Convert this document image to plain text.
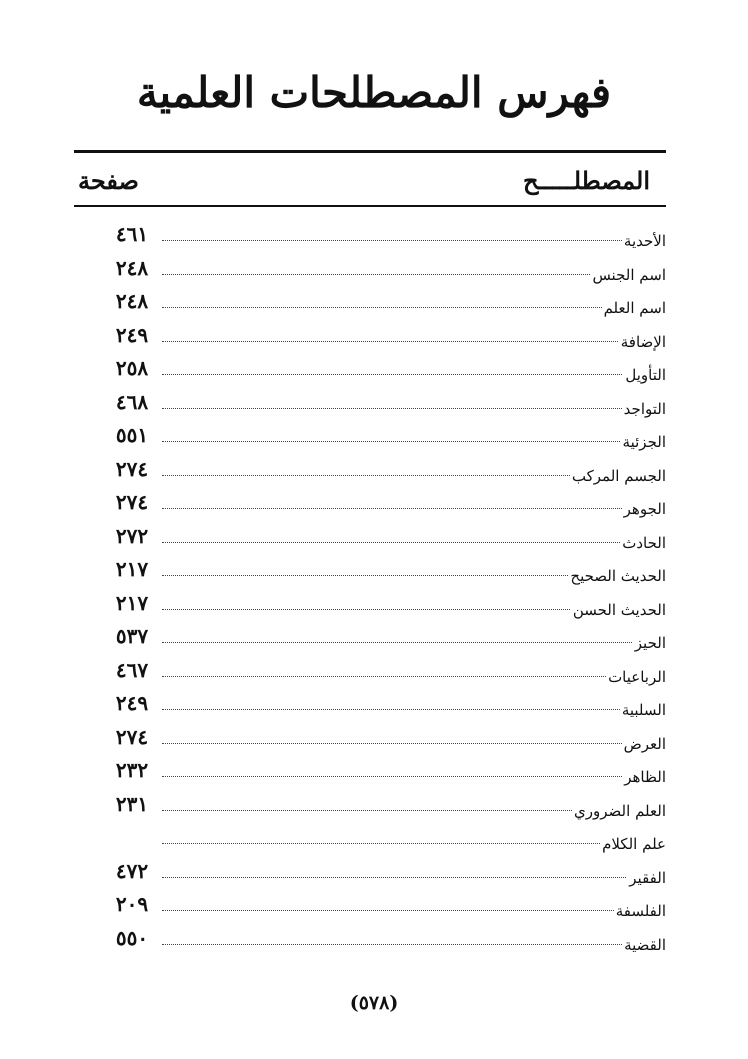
فهرس المصطلحات العلمية
المصطلـــــح
صفحة
الأحدية
٤٦١
اسم الجنس
٢٤٨
اسم العلم
٢٤٨
الإضافة
٢٤٩
التأويل
٢٥٨
التواجد
٤٦٨
الجزئية
٥٥١
الجسم المركب
٢٧٤
الجوهر
٢٧٤
الحادث
٢٧٢
الحديث الصحيح
٢١٧
الحديث الحسن
٢١٧
الحيز
٥٣٧
الرباعيات
٤٦٧
السلبية
٢٤٩
العرض
٢٧٤
الظاهر
٢٣٢
العلم الضروري
٢٣١
علم الكلام
الفقير
٤٧٢
الفلسفة
٢٠٩
القضية
٥٥٠
(٥٧٨)
